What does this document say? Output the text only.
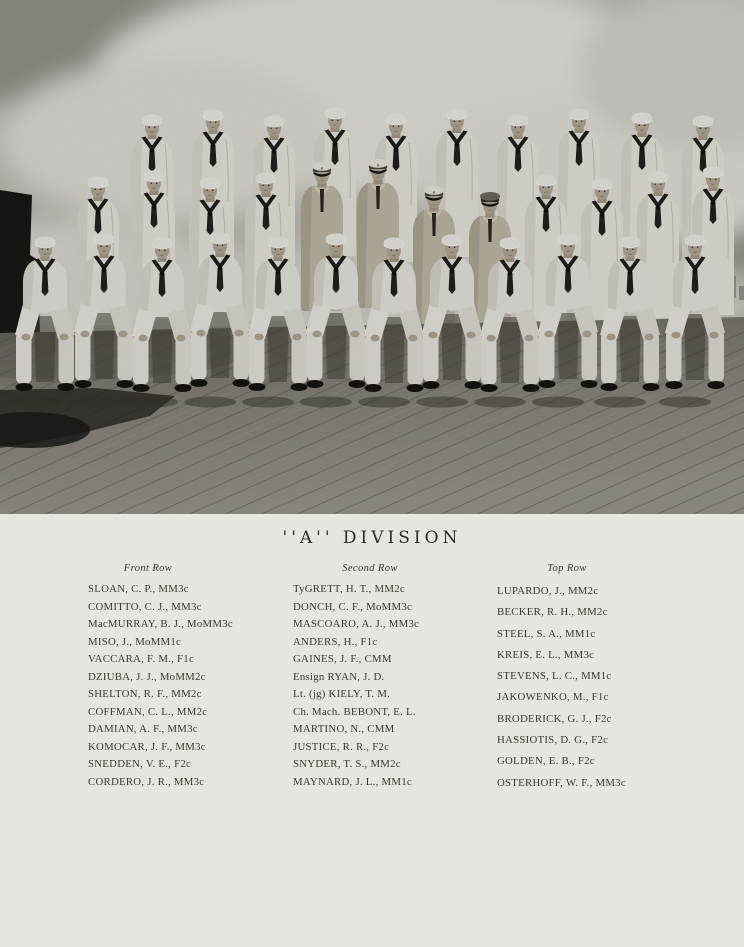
''A'' DIVISION
Front Row
SLOAN, C. P., MM3c
COMITTO, C. J., MM3c
MacMURRAY, B. J., MoMM3c
MISO, J., MoMM1c
VACCARA, F. M., F1c
DZIUBA, J. J., MoMM2c
SHELTON, R. F., MM2c
COFFMAN, C. L., MM2c
DAMIAN, A. F., MM3c
KOMOCAR, J. F., MM3c
SNEDDEN, V. E., F2c
CORDERO, J. R., MM3c
Second Row
TyGRETT, H. T., MM2c
DONCH, C. F., MoMM3c
MASCOARO, A. J., MM3c
ANDERS, H., F1c
GAINES, J. F., CMM
Ensign RYAN, J. D.
Lt. (jg) KIELY, T. M.
Ch. Mach. BEBONT, E. L.
MARTINO, N., CMM
JUSTICE, R. R., F2c
SNYDER, T. S., MM2c
MAYNARD, J. L., MM1c
Top Row
LUPARDO, J., MM2c
BECKER, R. H., MM2c
STEEL, S. A., MM1c
KREIS, E. L., MM3c
STEVENS, L. C., MM1c
JAKOWENKO, M., F1c
BRODERICK, G. J., F2c
HASSIOTIS, D. G., F2c
GOLDEN, E. B., F2c
OSTERHOFF, W. F., MM3c
